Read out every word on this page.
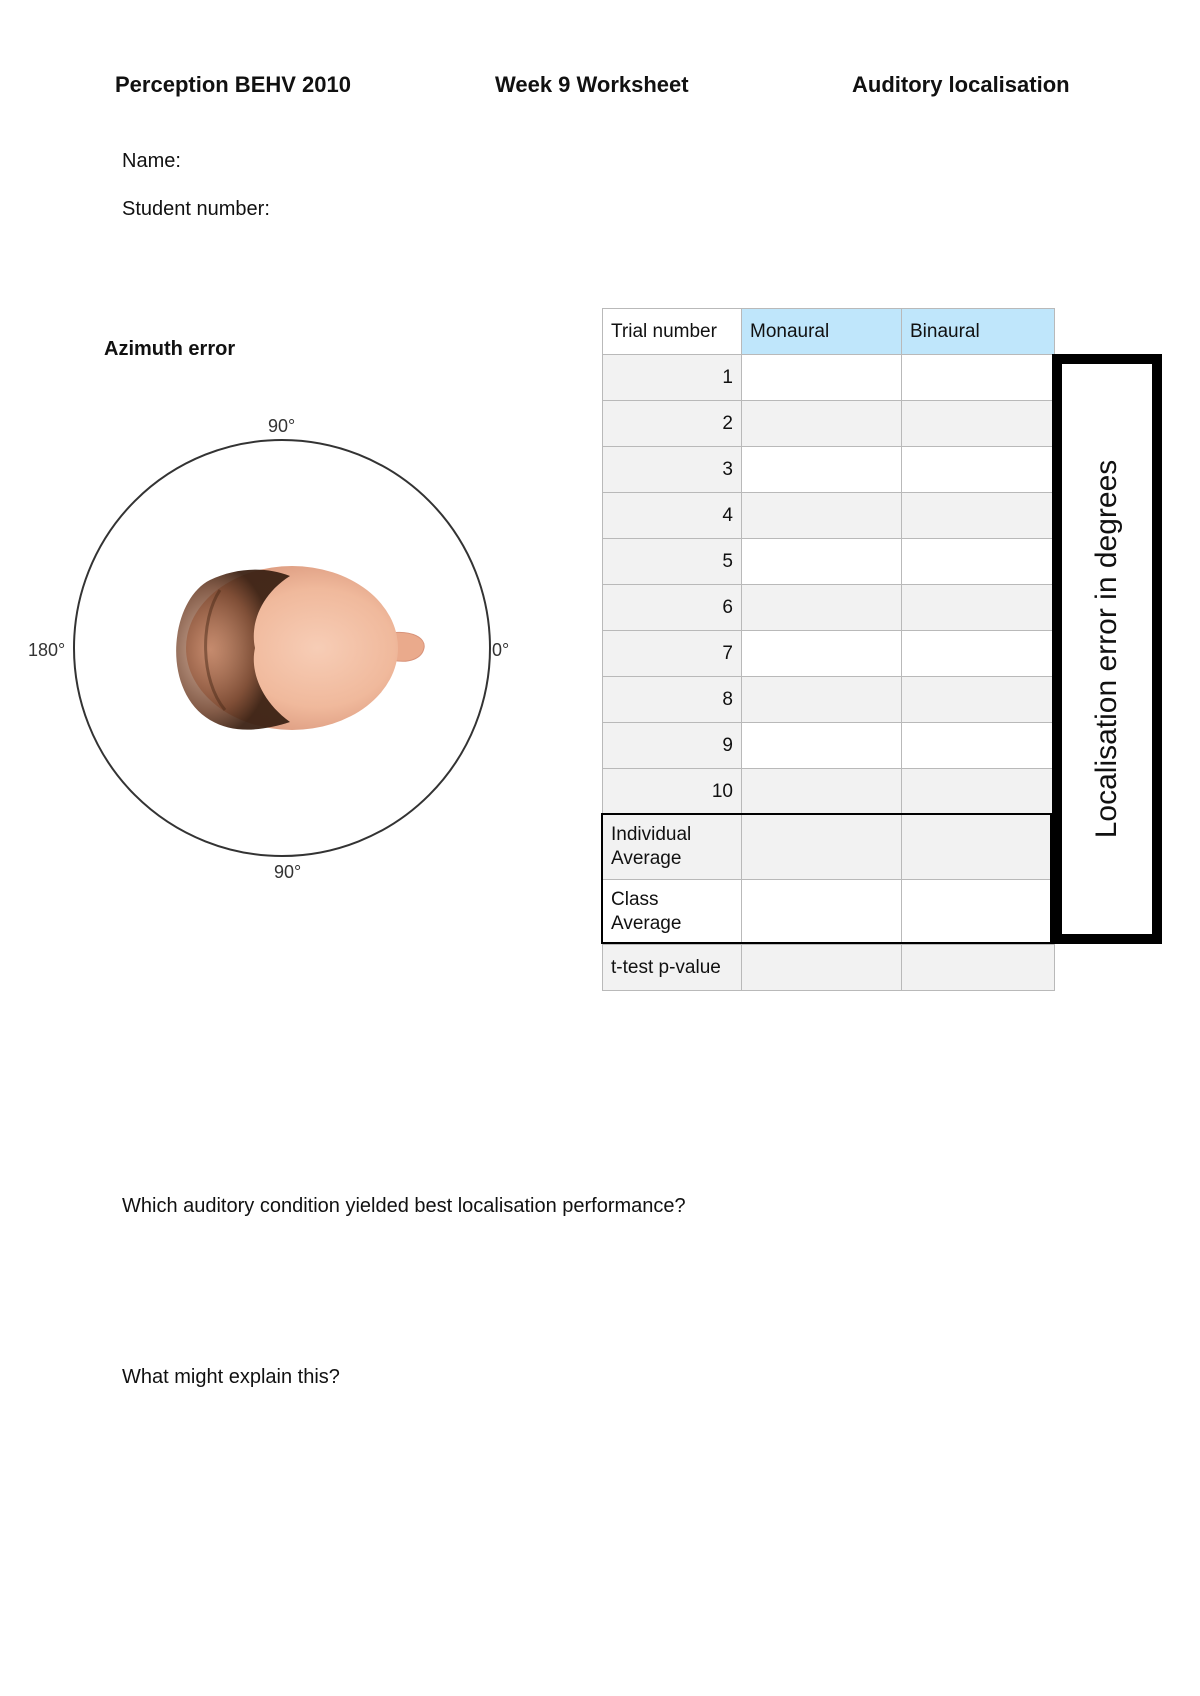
Perception BEHV 2010	Week 9 Worksheet	Auditory localisation
Name:
Student number:
Azimuth error
90°
90°
180°	0°
Trial number	Monaural	Binaural
1		
2		
3		
4		
5		
6		
7		
8		
9		
10		
Individual Average		
Class Average		
t-test p-value		
Localisation error in degrees
Which auditory condition yielded best localisation performance?
What might explain this?
